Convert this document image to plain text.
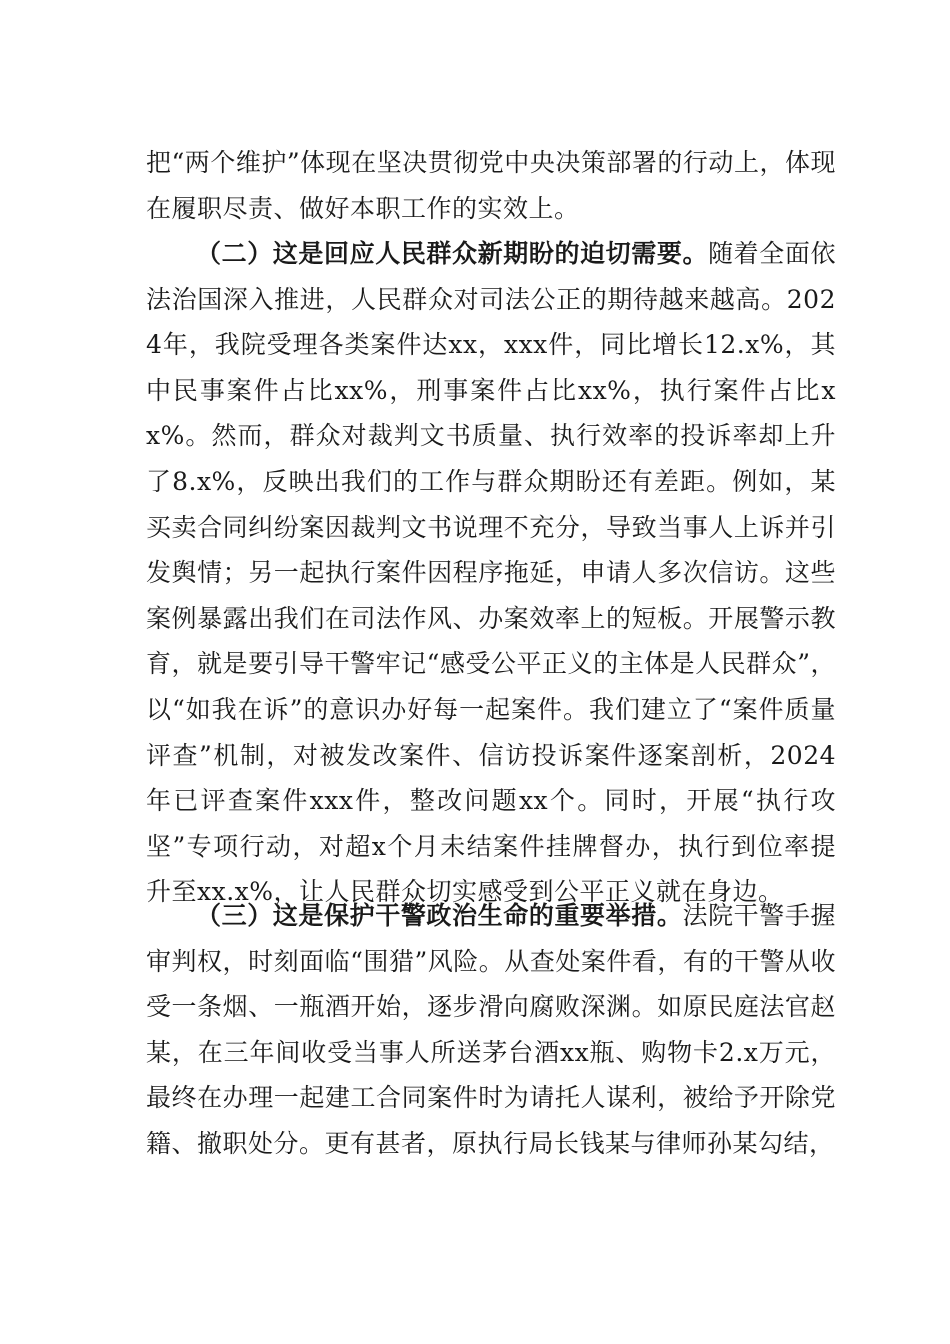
把“两个维护”体现在坚决贯彻党中央决策部署的行动上，体现在履职尽责、做好本职工作的实效上。

（二）这是回应人民群众新期盼的迫切需要。随着全面依法治国深入推进，人民群众对司法公正的期待越来越高。2024年，我院受理各类案件达xx，xxx件，同比增长12.x%，其中民事案件占比xx%，刑事案件占比xx%，执行案件占比xx%。然而，群众对裁判文书质量、执行效率的投诉率却上升了8.x%，反映出我们的工作与群众期盼还有差距。例如，某买卖合同纠纷案因裁判文书说理不充分，导致当事人上诉并引发舆情；另一起执行案件因程序拖延，申请人多次信访。这些案例暴露出我们在司法作风、办案效率上的短板。开展警示教育，就是要引导干警牢记“感受公平正义的主体是人民群众”，以“如我在诉”的意识办好每一起案件。我们建立了“案件质量评查”机制，对被发改案件、信访投诉案件逐案剖析，2024年已评查案件xxx件，整改问题xx个。同时，开展“执行攻坚”专项行动，对超x个月未结案件挂牌督办，执行到位率提升至xx.x%，让人民群众切实感受到公平正义就在身边。

（三）这是保护干警政治生命的重要举措。法院干警手握审判权，时刻面临“围猎”风险。从查处案件看，有的干警从收受一条烟、一瓶酒开始，逐步滑向腐败深渊。如原民庭法官赵某，在三年间收受当事人所送茅台酒xx瓶、购物卡2.x万元，最终在办理一起建工合同案件时为请托人谋利，被给予开除党籍、撤职处分。更有甚者，原执行局长钱某与律师孙某勾结，
